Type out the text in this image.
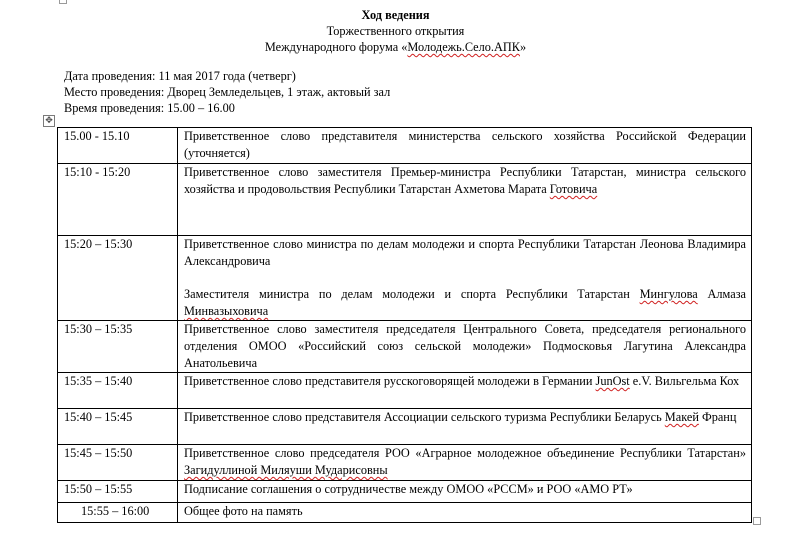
Ход ведения
Торжественного открытия
Международного форума «Молодежь.Село.АПК»
Дата проведения: 11 мая 2017 года (четверг)
Место проведения: Дворец Земледельцев, 1 этаж, актовый зал
Время проведения: 15.00 – 16.00
✥
15.00 - 15.10	Приветственное слово представителя министерства сельского хозяйства Российской Федерации (уточняется)
15:10 - 15:20	Приветственное слово заместителя Премьер-министра Республики Татарстан, министра сельского хозяйства и продовольствия Республики Татарстан Ахметова Марата Готовича
15:20 – 15:30	Приветственное слово министра по делам молодежи и спорта Республики Татарстан Леонова Владимира Александровича
Заместителя министра по делам молодежи и спорта Республики Татарстан Мингулова Алмаза Минвазыховича

15:30 – 15:35	Приветственное слово заместителя председателя Центрального Совета, председателя регионального отделения ОМОО «Российский союз сельской молодежи» Подмосковья Лагутина Александра Анатольевича
15:35 – 15:40	Приветственное слово представителя русскоговорящей молодежи в Германии JunOst e.V. Вильгельма Кох
15:40 – 15:45	Приветственное слово представителя Ассоциации сельского туризма Республики Беларусь Макей Франц
15:45 – 15:50	Приветственное слово председателя РОО «Аграрное молодежное объединение Республики Татарстан» Загидуллиной Миляуши Мударисовны
15:50 – 15:55	Подписание соглашения о сотрудничестве между ОМОО «РССМ» и РОО «АМО РТ»
15:55 – 16:00	Общее фото на память
